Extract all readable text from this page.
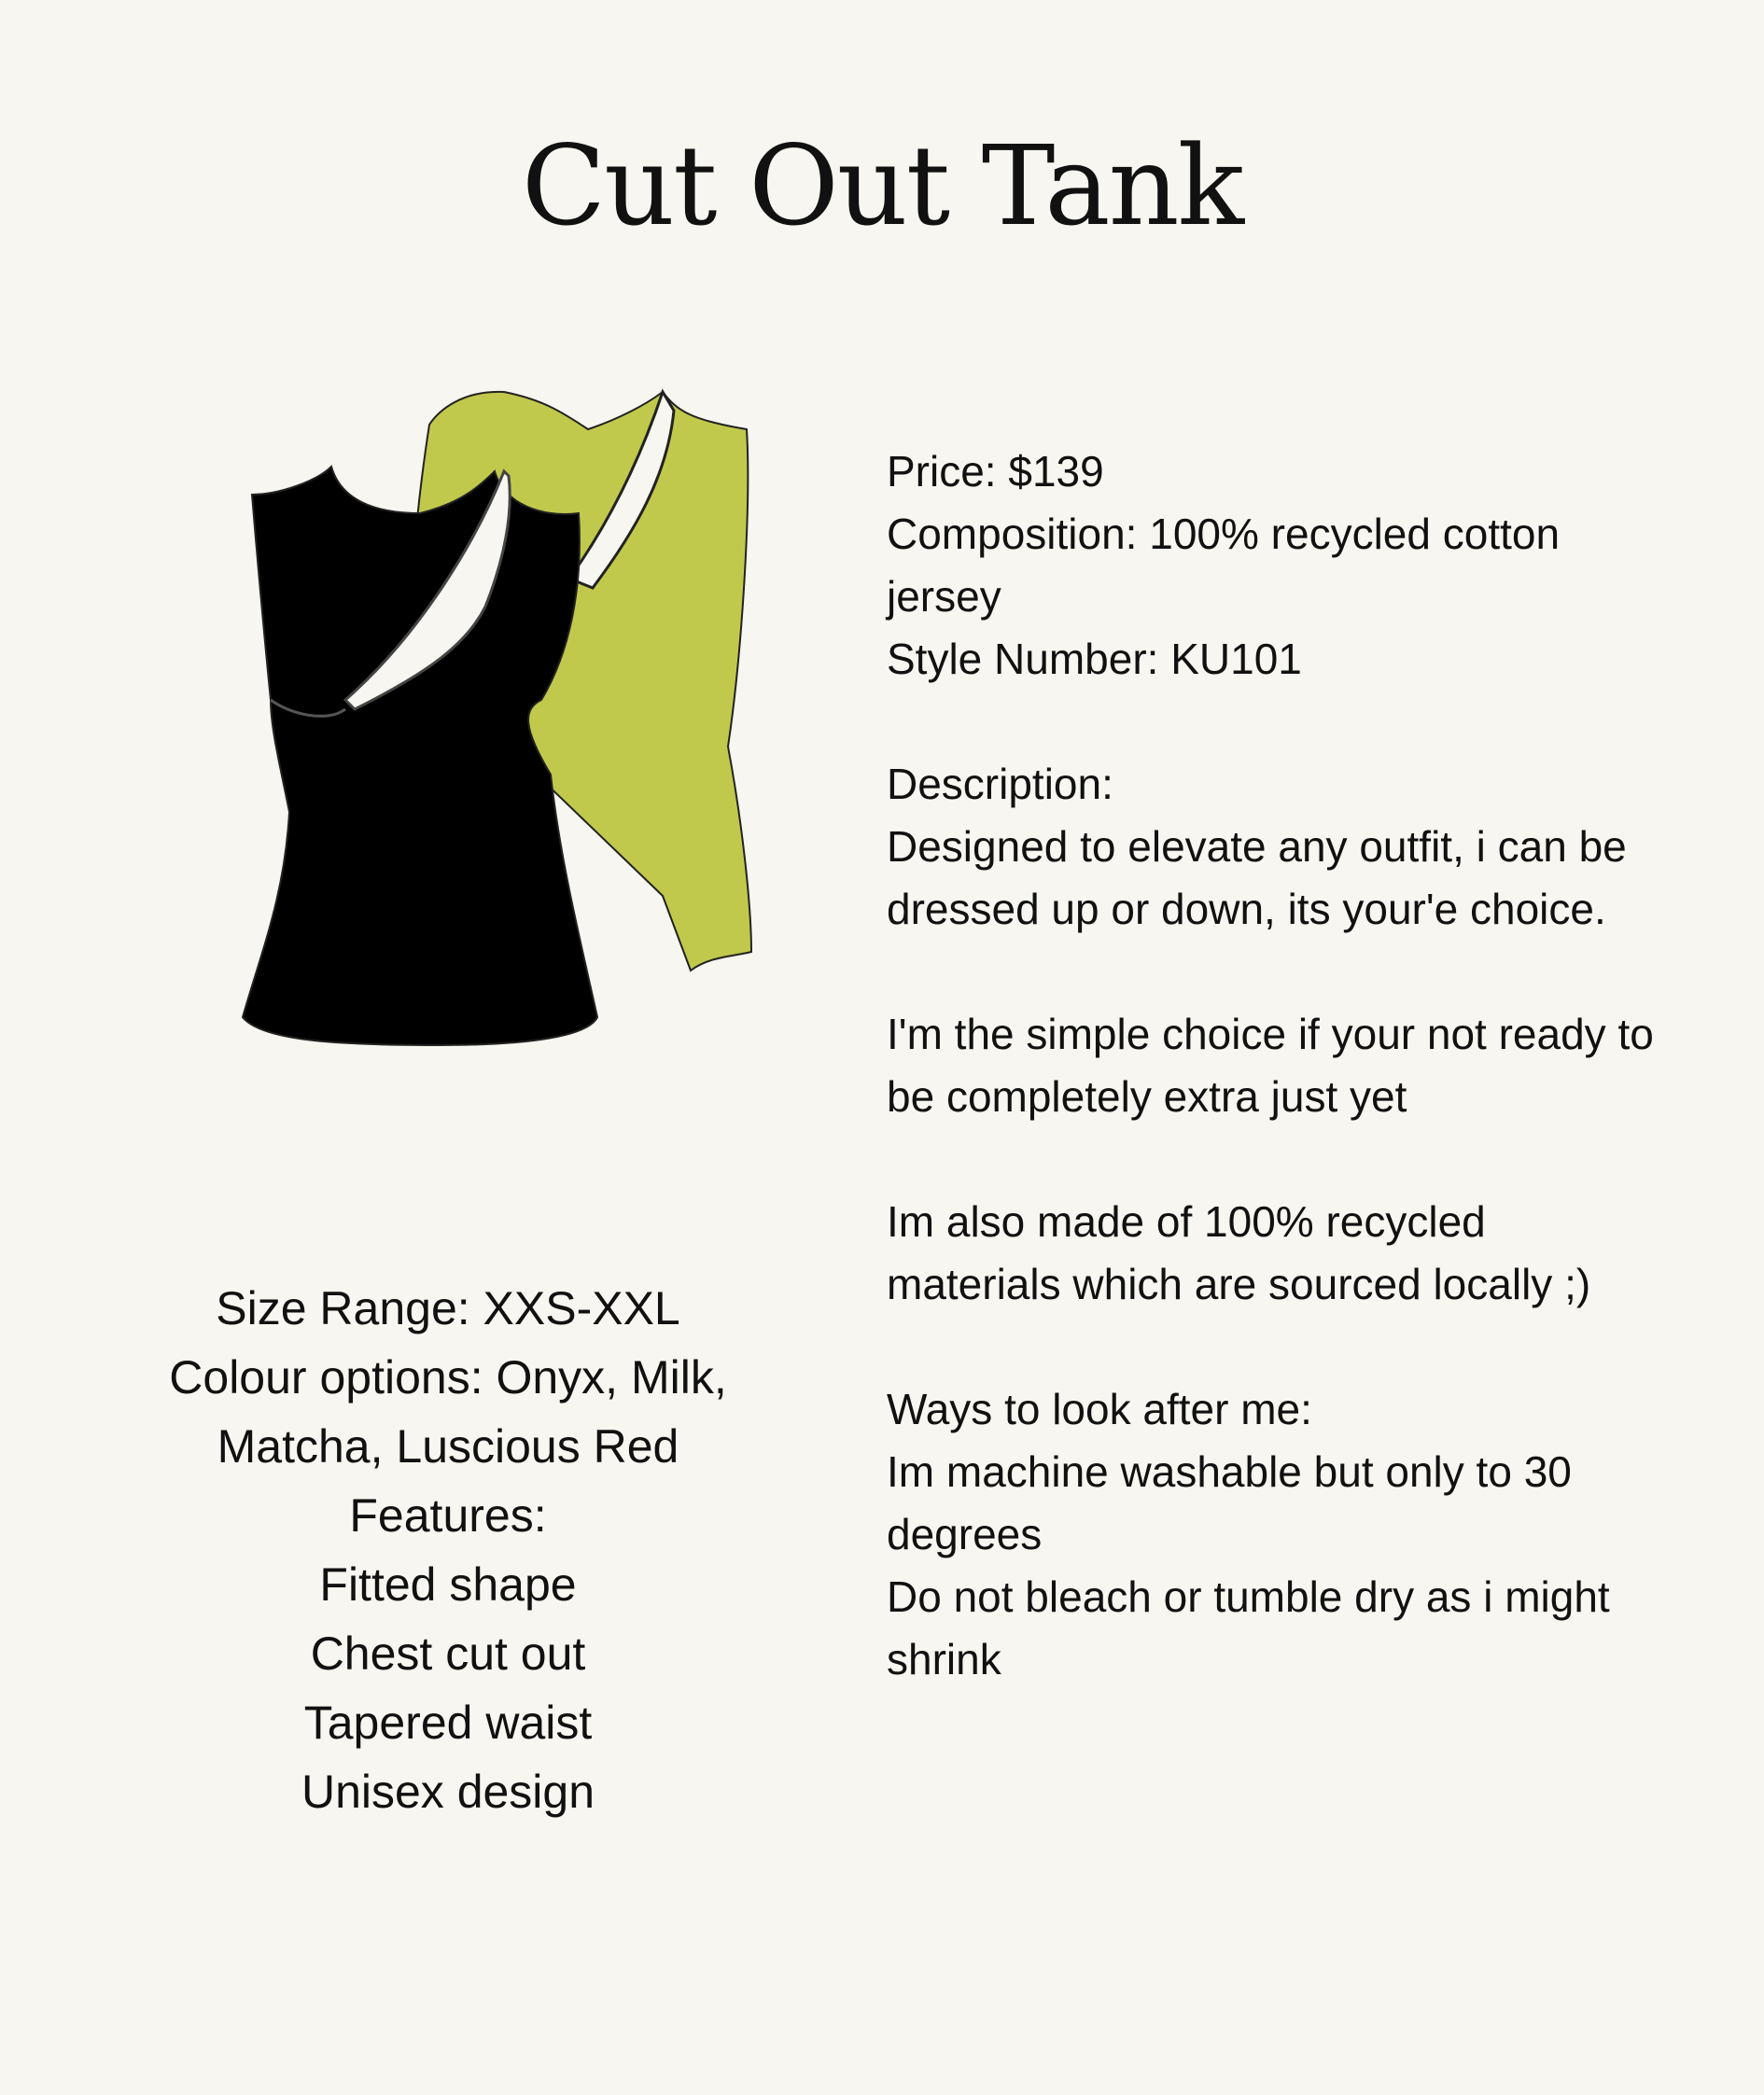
Cut Out Tank
Size Range: XXS-XXL
Colour options: Onyx, Milk,
Matcha, Luscious Red
Features:
Fitted shape
Chest cut out
Tapered waist
Unisex design

Price: $139

Composition: 100% recycled cotton jersey

Style Number: KU101

Description:

Designed to elevate any outfit, i can be dressed up or down, its your'e choice.

I'm the simple choice if your not ready to be completely extra just yet

Im also made of 100% recycled materials which are sourced locally ;)

Ways to look after me:

Im machine washable but only to 30 degrees

Do not bleach or tumble dry as i might shrink
